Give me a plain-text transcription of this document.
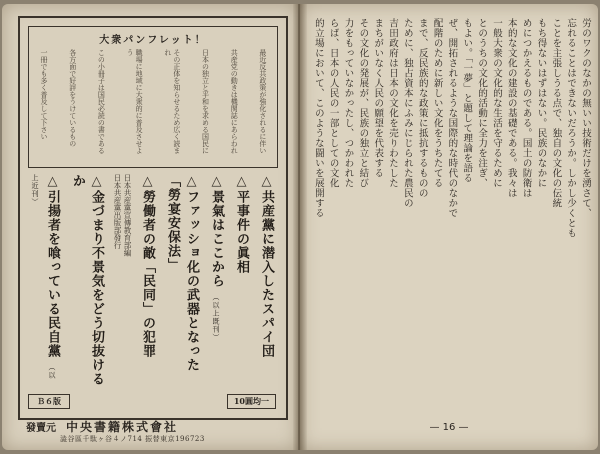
大衆パンフレット！
最近反共政策が強化されるに伴い
共産党の動きは機関誌にあらわれ
日本の独立と平和を求める国民に
その正体を知らせるため広く読まれ
職場に地域に大衆的に普及させよう
この小冊子は国民必読の書である
各方面で好評をうけているもの
一冊でも多く普及して下さい
△共産黨に潜入したスパイ団
△平事件の眞相
△景氣はここから （以上既刊）
△ファッショ化の武器となった「勞宴安保法」
△勞働者の敵「民同」の犯罪
日本共産黨宣傳教育部編
日本共産黨出版部發行
△金づまり不景気をどう切抜けるか
△引揚者を喰っている民自黨 （以上近刊）
Ｂ６版	10圓均一
發賣元 中央書籍株式會社
澁谷區千駄ヶ谷４ノ714 振替東京196723
労のワクのなかの無いい技術だけを湧さて、
忘れることはできないだろうか。しかし少くとも
ことを主張しうる点で、独自の文化の伝統
もち得ないはずはない。民族のなかに
めにつかえるものである。国土の防衛は
本的な文化の建設の基礎である。我々は
一般大衆の文化的な生活を守るために
とのうちの文化的活動に全力を注ぎ、
もよい。「一夢」と題して理論を語る
ぜ、開拓されるような国際的な時代のなかで
配階のために新しい文化をうちたてる
まで、反民族的な政策に抵抗するものの
ために、独占資本にふみにじられた農民の
吉田政府は日本の文化を売りわたした
まちがいなく人民の願望を代表する
その文化の発展が、民族の独立と結び
力をもっていなかったし、つかわれた
らば、日本の人民の一部としての文化
的立場において、このような闘いを展開する
— 16 —
